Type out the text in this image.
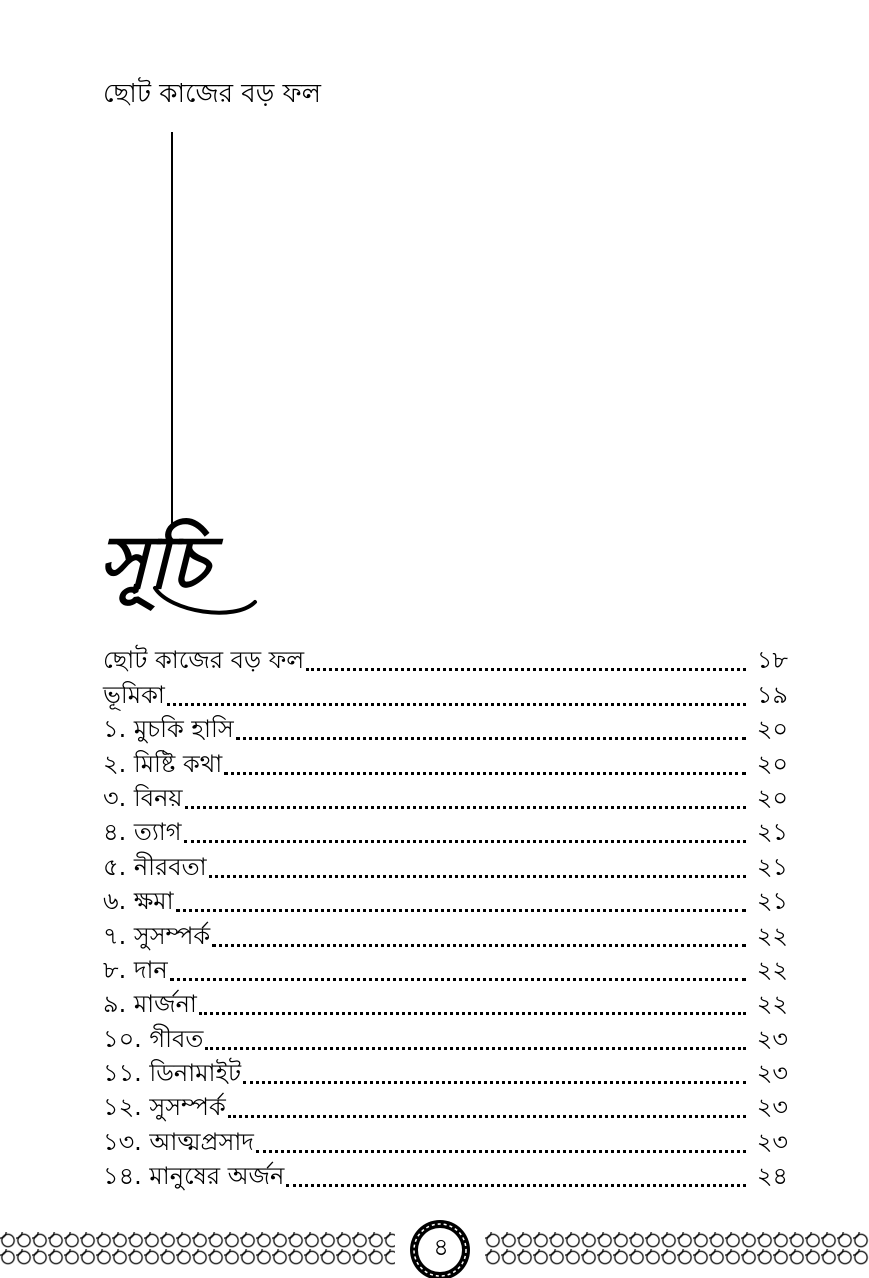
ছোট কাজের বড় ফল
সূচি
ছোট কাজের বড় ফল	১৮
ভূমিকা	১৯
১. মুচকি হাসি	২০
২. মিষ্টি কথা	২০
৩. বিনয়	২০
৪. ত্যাগ	২১
৫. নীরবতা	২১
৬. ক্ষমা	২১
৭. সুসম্পর্ক	২২
৮. দান	২২
৯. মার্জনা	২২
১০. গীবত	২৩
১১. ডিনামাইট	২৩
১২. সুসম্পর্ক	২৩
১৩. আত্মপ্রসাদ	২৩
১৪. মানুষের অর্জন	২৪
৪
